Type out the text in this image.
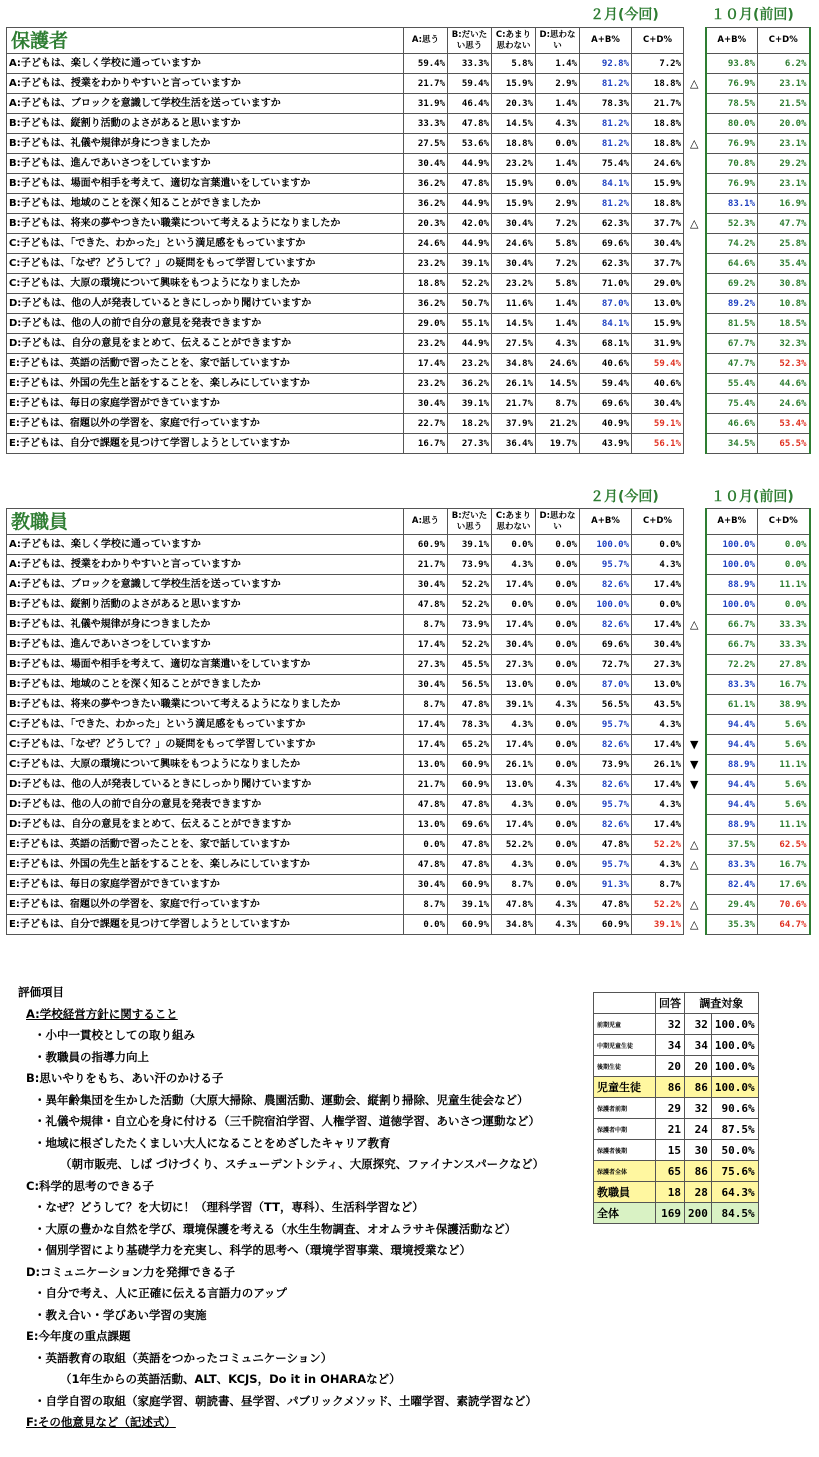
２月(今回)	１０月(前回)
保護者	A:思う	B:だいたい思う	C:あまり思わない	D:思わない	A+B%	C+D%		A+B%	C+D%
A:子どもは、楽しく学校に通っていますか	59.4%	33.3%	5.8%	1.4%	92.8%	7.2%		93.8%	6.2%
A:子どもは、授業をわかりやすいと言っていますか	21.7%	59.4%	15.9%	2.9%	81.2%	18.8%	△	76.9%	23.1%
A:子どもは、ブロックを意識して学校生活を送っていますか	31.9%	46.4%	20.3%	1.4%	78.3%	21.7%		78.5%	21.5%
B:子どもは、縦割り活動のよさがあると思いますか	33.3%	47.8%	14.5%	4.3%	81.2%	18.8%		80.0%	20.0%
B:子どもは、礼儀や規律が身につきましたか	27.5%	53.6%	18.8%	0.0%	81.2%	18.8%	△	76.9%	23.1%
B:子どもは、進んであいさつをしていますか	30.4%	44.9%	23.2%	1.4%	75.4%	24.6%		70.8%	29.2%
B:子どもは、場面や相手を考えて、適切な言葉遣いをしていますか	36.2%	47.8%	15.9%	0.0%	84.1%	15.9%		76.9%	23.1%
B:子どもは、地域のことを深く知ることができましたか	36.2%	44.9%	15.9%	2.9%	81.2%	18.8%		83.1%	16.9%
B:子どもは、将来の夢やつきたい職業について考えるようになりましたか	20.3%	42.0%	30.4%	7.2%	62.3%	37.7%	△	52.3%	47.7%
C:子どもは、「できた、わかった」という満足感をもっていますか	24.6%	44.9%	24.6%	5.8%	69.6%	30.4%		74.2%	25.8%
C:子どもは、「なぜ？どうして？」の疑問をもって学習していますか	23.2%	39.1%	30.4%	7.2%	62.3%	37.7%		64.6%	35.4%
C:子どもは、大原の環境について興味をもつようになりましたか	18.8%	52.2%	23.2%	5.8%	71.0%	29.0%		69.2%	30.8%
D:子どもは、他の人が発表しているときにしっかり聞けていますか	36.2%	50.7%	11.6%	1.4%	87.0%	13.0%		89.2%	10.8%
D:子どもは、他の人の前で自分の意見を発表できますか	29.0%	55.1%	14.5%	1.4%	84.1%	15.9%		81.5%	18.5%
D:子どもは、自分の意見をまとめて、伝えることができますか	23.2%	44.9%	27.5%	4.3%	68.1%	31.9%		67.7%	32.3%
E:子どもは、英語の活動で習ったことを、家で話していますか	17.4%	23.2%	34.8%	24.6%	40.6%	59.4%		47.7%	52.3%
E:子どもは、外国の先生と話をすることを、楽しみにしていますか	23.2%	36.2%	26.1%	14.5%	59.4%	40.6%		55.4%	44.6%
E:子どもは、毎日の家庭学習ができていますか	30.4%	39.1%	21.7%	8.7%	69.6%	30.4%		75.4%	24.6%
E:子どもは、宿題以外の学習を、家庭で行っていますか	22.7%	18.2%	37.9%	21.2%	40.9%	59.1%		46.6%	53.4%
E:子どもは、自分で課題を見つけて学習しようとしていますか	16.7%	27.3%	36.4%	19.7%	43.9%	56.1%		34.5%	65.5%
２月(今回)	１０月(前回)
教職員	A:思う	B:だいたい思う	C:あまり思わない	D:思わない	A+B%	C+D%		A+B%	C+D%
A:子どもは、楽しく学校に通っていますか	60.9%	39.1%	0.0%	0.0%	100.0%	0.0%		100.0%	0.0%
A:子どもは、授業をわかりやすいと言っていますか	21.7%	73.9%	4.3%	0.0%	95.7%	4.3%		100.0%	0.0%
A:子どもは、ブロックを意識して学校生活を送っていますか	30.4%	52.2%	17.4%	0.0%	82.6%	17.4%		88.9%	11.1%
B:子どもは、縦割り活動のよさがあると思いますか	47.8%	52.2%	0.0%	0.0%	100.0%	0.0%		100.0%	0.0%
B:子どもは、礼儀や規律が身につきましたか	8.7%	73.9%	17.4%	0.0%	82.6%	17.4%	△	66.7%	33.3%
B:子どもは、進んであいさつをしていますか	17.4%	52.2%	30.4%	0.0%	69.6%	30.4%		66.7%	33.3%
B:子どもは、場面や相手を考えて、適切な言葉遣いをしていますか	27.3%	45.5%	27.3%	0.0%	72.7%	27.3%		72.2%	27.8%
B:子どもは、地域のことを深く知ることができましたか	30.4%	56.5%	13.0%	0.0%	87.0%	13.0%		83.3%	16.7%
B:子どもは、将来の夢やつきたい職業について考えるようになりましたか	8.7%	47.8%	39.1%	4.3%	56.5%	43.5%		61.1%	38.9%
C:子どもは、「できた、わかった」という満足感をもっていますか	17.4%	78.3%	4.3%	0.0%	95.7%	4.3%		94.4%	5.6%
C:子どもは、「なぜ？どうして？」の疑問をもって学習していますか	17.4%	65.2%	17.4%	0.0%	82.6%	17.4%	▼	94.4%	5.6%
C:子どもは、大原の環境について興味をもつようになりましたか	13.0%	60.9%	26.1%	0.0%	73.9%	26.1%	▼	88.9%	11.1%
D:子どもは、他の人が発表しているときにしっかり聞けていますか	21.7%	60.9%	13.0%	4.3%	82.6%	17.4%	▼	94.4%	5.6%
D:子どもは、他の人の前で自分の意見を発表できますか	47.8%	47.8%	4.3%	0.0%	95.7%	4.3%		94.4%	5.6%
D:子どもは、自分の意見をまとめて、伝えることができますか	13.0%	69.6%	17.4%	0.0%	82.6%	17.4%		88.9%	11.1%
E:子どもは、英語の活動で習ったことを、家で話していますか	0.0%	47.8%	52.2%	0.0%	47.8%	52.2%	△	37.5%	62.5%
E:子どもは、外国の先生と話をすることを、楽しみにしていますか	47.8%	47.8%	4.3%	0.0%	95.7%	4.3%	△	83.3%	16.7%
E:子どもは、毎日の家庭学習ができていますか	30.4%	60.9%	8.7%	0.0%	91.3%	8.7%		82.4%	17.6%
E:子どもは、宿題以外の学習を、家庭で行っていますか	8.7%	39.1%	47.8%	4.3%	47.8%	52.2%	△	29.4%	70.6%
E:子どもは、自分で課題を見つけて学習しようとしていますか	0.0%	60.9%	34.8%	4.3%	60.9%	39.1%	△	35.3%	64.7%
評価項目
A:学校経営方針に関すること
・小中一貫校としての取り組み
・教職員の指導力向上
B:思いやりをもち、あい汗のかける子
・異年齢集団を生かした活動（大原大掃除、農園活動、運動会、縦割り掃除、児童生徒会など）
・礼儀や規律・自立心を身に付ける（三千院宿泊学習、人権学習、道徳学習、あいさつ運動など）
・地域に根ざしたたくましい大人になることをめざしたキャリア教育
（朝市販売、しば づけづくり、スチューデントシティ、大原探究、ファイナンスパークなど）
C:科学的思考のできる子
・なぜ？どうして？を大切に！（理科学習（TT，専科）、生活科学習など）
・大原の豊かな自然を学び、環境保護を考える（水生生物調査、オオムラサキ保護活動など）
・個別学習により基礎学力を充実し、科学的思考へ（環境学習事業、環境授業など）
D:コミュニケーション力を発揮できる子
・自分で考え、人に正確に伝える言語力のアップ
・教え合い・学びあい学習の実施
E:今年度の重点課題
・英語教育の取組（英語をつかったコミュニケーション）
（1年生からの英語活動、ALT、KCJS，Do it in OHARAなど）
・自学自習の取組（家庭学習、朝読書、昼学習、パブリックメソッド、土曜学習、素読学習など）
F:その他意見など（記述式）
	回答	調査対象	
前期児童	32	32	100.0%
中期児童生徒	34	34	100.0%
後期生徒	20	20	100.0%
児童生徒	86	86	100.0%
保護者前期	29	32	90.6%
保護者中期	21	24	87.5%
保護者後期	15	30	50.0%
保護者全体	65	86	75.6%
教職員	18	28	64.3%
全体	169	200	84.5%
